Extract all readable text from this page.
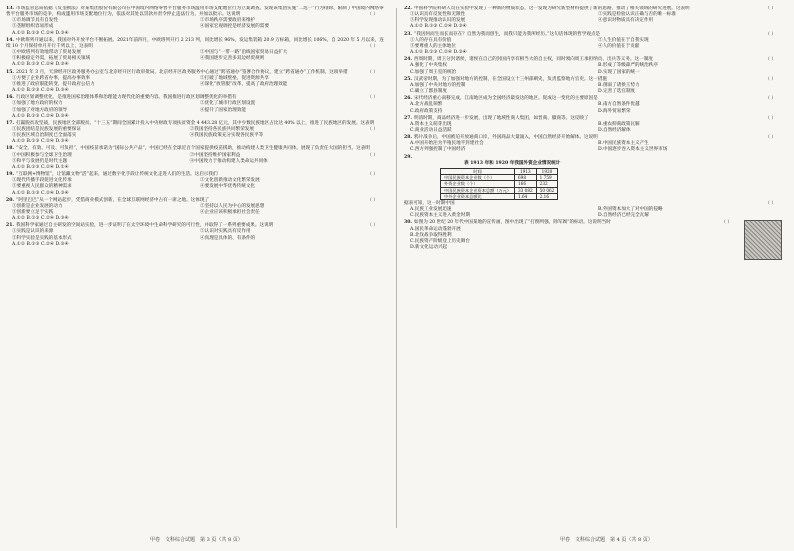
13. 市场监管总局依据《反垄断法》对某集团股份有限公司在中国境内网络零售平台服务市场滥用市场支配地位行为立案调查。发现该集团实施“二选一”行为排除、限制了中国境内网络零售平台服务市场的竞争，构成滥用市场支配地位行为，依法对其处以罚款并责令停止违法行为，并加以批示。这说明	（ ）
①市场调节具有自发性	②市场秩序需要政府来维护
③垄断组织容易形成	④国家宏观调控是经济发展的需要
A.①② B.①③ C.②④ D.③④
14. 中欧班列开通以来，我国对外开放平台不断拓展。2021年前四月，中欧班列开行 2 213 列，同比增长 96%，发运集装箱 20.9 万标箱，同比增长 106%，自 2020 年 5 月以来，连续 10 个月保持单月开行千列以上，这表明	（ ）
①中欧班列有效地带动了贸易发展	②中国与“一带一路”沿线国家贸易日益扩大
③积极稳定外需，拓展了贸易相关领域	④我国逐步完善多双边经贸规则
A.①② B.①③ C.②④ D.③④
15. 2021 年 3 月，天津经开区政务服务办公室与北京经开区行政审批局、北京经开区政务服务中心通过“跨省通办”签署合作协议，建立“跨省通办”工作机制。这项举措	（ ）
①方便了企业跨省办事，提高办事效率	②打破了地域壁垒，促进资源共享
③推进了政府职能转变，提升政府公信力	④深化“放管服”改革，提高了政府治理效能
A.①② B.①③ C.②④ D.③④
16. 行政区划调整优化，是推进国家治理体系和治理能力现代化的重要内容。我国推进行政区划调整优化的举措有	（ ）
①加强了地方政府的权力	②优化了城市行政区划设置
③加强了对地方政府的领导	④提升了国家治理效能
A.①② B.①③ C.②④ D.③④
17. 打赢脱贫攻坚战，民族地区全部脱贫。“十三五”期间全国累计投入中央财政专项扶贫资金 4 443.28 亿元，其中少数民族地区占比达 40% 以上，推进了民族地区的发展。这表明
（ ）
①民族团结是民族发展的重要保证	②我国坚持各民族共同繁荣发展
③民族区域自治制度已全面落实	④我国民族政策充分实现各民族平等
A.①② B.①③ C.②④ D.③④
18. “安全、有效、可及、可负担”，中国疫苗承诺为“国际公共产品”，中国已经在全球近百个国家提供疫苗援助，推动构建人类卫生健康共同体，展现了负责任大国的担当。这表明
（ ）
①中国积极参与全球卫生治理	②中国坚持维护国家利益
③和平与发展仍是时代主题	④中国致力于推动构建人类命运共同体
A.①② B.①③ C.②④ D.①④
19. “互联网+博物馆”，让馆藏文物“活”起来，通过数字化手段让传统文化走进人们的生活。这启示我们	（ ）
①现代传播手段促进文化传承	②文化创新推动文化繁荣发展
③要重视人民群众的精神需求	④要发展中华优秀传统文化
A.①② B.①③ C.②④ D.③④
20. “阿里巴巴”从一个网站起步，凭借商业模式创新，在全球互联网经济中占有一席之地。这体现了	（ ）
①创新是企业发展的动力	②坚持以人民为中心的发展思想
③创新要立足于实践	④企业应该积极承担社会责任
A.①② B.①③ C.②④ D.③④
21. 我国科学家通过自主研发的空间站实验，进一步证明了在太空环境中生命科学研究的可行性，并取得了一系列重要成果。这说明	（ ）
①实践是认识的来源	②认识对实践具有反作用
③科学实验是实践的基本形式	④真理是具体的、有条件的
A.①② B.①③ C.②④ D.③④
22. 中国科学院科研人员在实验中发现了一种新的物质状态，这一发现为研究新型材料提供了新的思路，推动了相关领域的研究进展。这表明	（ ）
①认识具有反复性和无限性	②实践是检验认识正确与否的唯一标准
③科学发现推动认识的发展	④意识对物质具有决定作用
A.①② B.①③ C.②④ D.③④
23. “我因何而生而长而存在？自然为我而创生，而我只能为我所经历。”这句话体现的哲学观点是	（ ）
①人的存在具有价值	②人生价值在于自我实现
③要尊重人的主体地位	④人的价值在于贡献
A.①② B.①③ C.②④ D.③④
24. 西周时期，周王分封诸侯，诸侯在自己的封国内享有相当大的自主权，同时须向周王承担纳贡、出兵等义务。这一制度	（ ）
A.强化了中央集权	B.形成了等级森严的统治秩序
C.加强了周王室的统治	D.实现了国家的统一
25. 汉武帝时期，为了加强对地方的控制，在全国设立十三州部刺史，负责监察地方官吏。这一措施	（ ）
A.加强了中央对地方的控制	B.削弱了诸侯王势力
C.确立了郡县制度	D.完善了选官制度
26. 宋代经济重心南移完成，江南地区成为全国经济最发达的地区。促成这一变化的主要原因是	（ ）
A.北方战乱频繁	B.南方自然条件优越
C.政府政策支持	D.海外贸易繁荣
27. 明清时期，商品经济进一步发展，出现了地域性商人集团，如晋商、徽商等。这反映了	（ ）
A.资本主义萌芽出现	B.重农抑商政策瓦解
C.商业活动日益活跃	D.自然经济解体
28. 鸦片战争后，中国被迫开放通商口岸，外国商品大量涌入，中国自然经济开始解体。这说明	（ ）
A.中国开始沦为半殖民地半封建社会	B.中国民族资本主义产生
C.西方列强控制了中国经济	D.中国逐步卷入资本主义世界市场
29.
表 1913 年和 1920 年我国外资企业情况统计
时间	1913	1920
中国民族资本企业数（个）	698	1 759
外资企业数（个）	166	232
中国民族资本企业资本总额（万元）	33 082	50 062
中外企业资本总额比	1.64	2.16
据表可知，这一时期中国	（ ）
A.民族工业发展迅速	B.外国资本加大了对中国的侵略
C.民族资本主义进入黄金时期	D.自然经济已经完全瓦解
30. 如图为 20 世纪 20 年代中国某地的宣传画，图中出现了“打倒列强，除军阀”的标语。这说明当时	（ ）
A.国民革命运动蓬勃开展
B.北伐战争取得胜利
C.民族资产阶级登上历史舞台
D.新文化运动兴起
甲卷　文科综合试题　第 3 页（共 8 页）	甲卷　文科综合试题　第 4 页（共 8 页）
